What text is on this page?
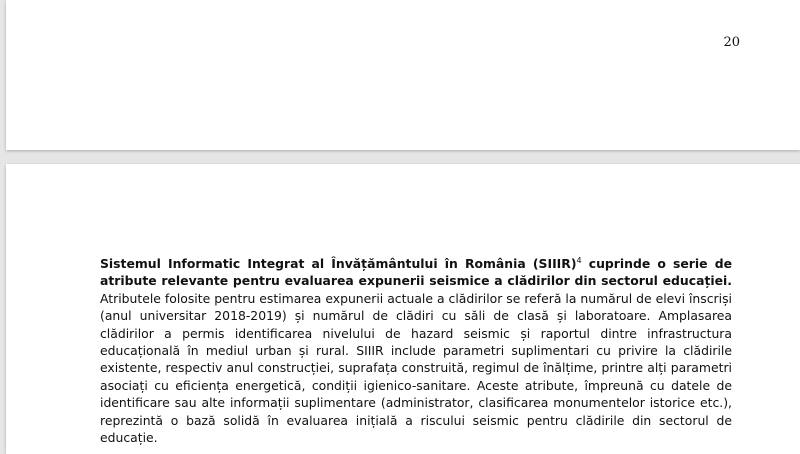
20

Sistemul Informatic Integrat al Învățământului în România (SIIIR)$^4$ cuprinde o serie de atribute relevante pentru evaluarea expunerii seismice a clădirilor din sectorul educației. Atributele folosite pentru estimarea expunerii actuale a clădirilor se referă la numărul de elevi înscriși (anul universitar 2018-2019) și numărul de clădiri cu săli de clasă și laboratoare. Amplasarea clădirilor a permis identificarea nivelului de hazard seismic și raportul dintre infrastructura educațională în mediul urban și rural. SIIIR include parametri suplimentari cu privire la clădirile existente, respectiv anul construcției, suprafața construită, regimul de înălțime, printre alți parametri asociați cu eficiența energetică, condiții igienico-sanitare. Aceste atribute, împreună cu datele de identificare sau alte informații suplimentare (administrator, clasificarea monumentelor istorice etc.), reprezintă o bază solidă în evaluarea inițială a riscului seismic pentru clădirile din sectorul de educație.
